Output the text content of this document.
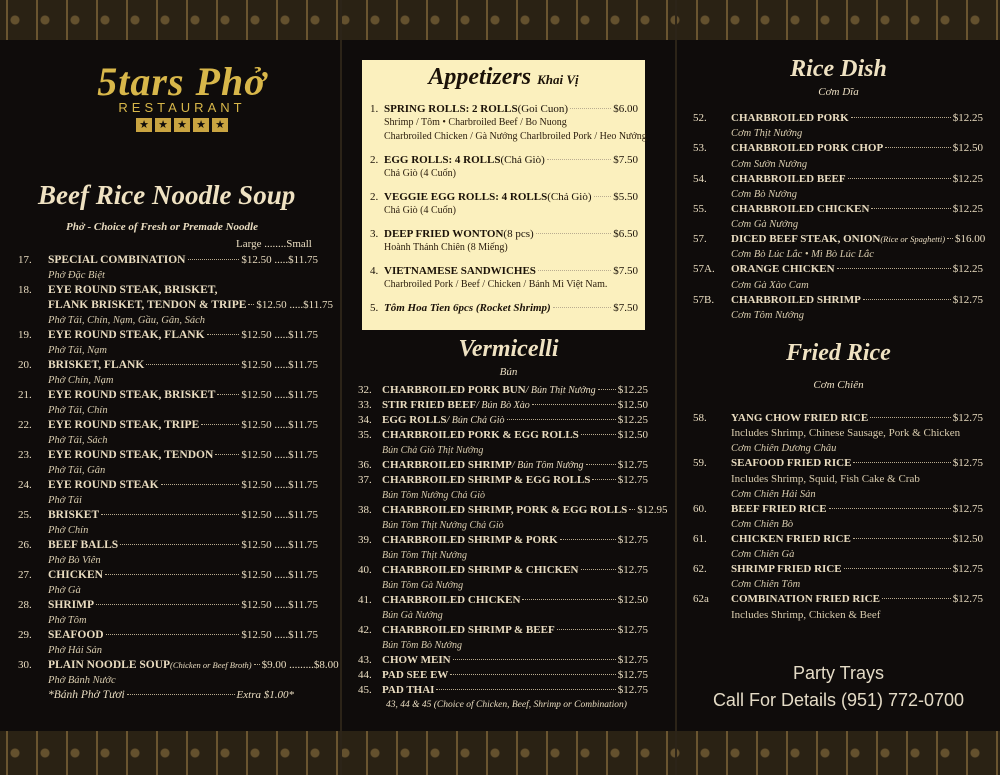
5tars Phở
RESTAURANT
★ ★ ★ ★ ★
Beef Rice Noodle Soup
Phở - Choice of Fresh or Premade Noodle
Large ........Small
17.	SPECIAL COMBINATION	$12.50 .....$11.75
Phở Đặc Biệt
18.	EYE ROUND STEAK, BRISKET,
FLANK BRISKET, TENDON & TRIPE $12.50 .....$11.75
Phở Tái, Chín, Nạm, Gầu, Gân, Sách
19.	EYE ROUND STEAK, FLANK	$12.50 .....$11.75
Phở Tái, Nạm
20.	BRISKET, FLANK	$12.50 .....$11.75
Phở Chín, Nạm
21.	EYE ROUND STEAK, BRISKET $12.50 .....$11.75
Phở Tái, Chín
22.	EYE ROUND STEAK, TRIPE	$12.50 .....$11.75
Phở Tái, Sách
23.	EYE ROUND STEAK, TENDON	$12.50 .....$11.75
Phở Tái, Gân
24.	EYE ROUND STEAK	$12.50 .....$11.75
Phở Tái
25.	BRISKET	$12.50 .....$11.75
Phở Chín
26.	BEEF BALLS	$12.50 .....$11.75
Phở Bò Viên
27.	CHICKEN	$12.50 .....$11.75
Phở Gà
28.	SHRIMP	$12.50 .....$11.75
Phở Tôm
29.	SEAFOOD	$12.50 .....$11.75
Phở Hải Sản
30.	PLAIN NOODLE SOUP (Chicken or Beef Broth) $9.00 .........$8.00
Phở Bánh Nước
*Bánh Phở Tươi	Extra $1.00*
Vermicelli
Bún
32. CHARBROILED PORK BUN / Bún Thịt Nướng $12.25
33. STIR FRIED BEEF / Bún Bò Xào	$12.50
34. EGG ROLLS / Bún Chả Giò	$12.25
35. CHARBROILED PORK & EGG ROLLS	$12.50
Bún Chả Giò Thịt Nướng
36. CHARBROILED SHRIMP / Bún Tôm Nướng	$12.75
37. CHARBROILED SHRIMP & EGG ROLLS $12.75
Bún Tôm Nướng Chả Giò
38. CHARBROILED SHRIMP, PORK & EGG ROLLS $12.95
Bún Tôm Thịt Nướng Chả Giò
39. CHARBROILED SHRIMP & PORK	$12.75
Bún Tôm Thịt Nướng
40. CHARBROILED SHRIMP & CHICKEN	$12.75
Bún Tôm Gà Nướng
41. CHARBROILED CHICKEN	$12.50
Bún Gà Nướng
42. CHARBROILED SHRIMP & BEEF	$12.75
Bún Tôm Bò Nướng
43. CHOW MEIN	$12.75
44. PAD SEE EW	$12.75
45. PAD THAI	$12.75
43, 44 & 45 (Choice of Chicken, Beef, Shrimp or Combination)
Appetizers Khai Vị
1. SPRING ROLLS: 2 ROLLS (Goi Cuon)	$6.00
Shrimp / Tôm • Charbroiled Beef / Bo Nuong
Charbroiled Chicken / Gà Nướng Charlbroiled Pork / Heo Nướng
2. EGG ROLLS: 4 ROLLS (Chả Giò)	$7.50
Chả Giò (4 Cuốn)
2. VEGGIE EGG ROLLS: 4 ROLLS (Chả Giò) $5.50
Chả Giò (4 Cuốn)
3. DEEP FRIED WONTON (8 pcs)	$6.50
Hoành Thánh Chiên (8 Miếng)
4. VIETNAMESE SANDWICHES	$7.50
Charbroiled Pork / Beef / Chicken / Bánh Mì Việt Nam.
5. Tôm Hoa Tien 6pcs (Rocket Shrimp)	$7.50
Rice Dish
Cơm Dĩa
52.	CHARBROILED PORK	$12.25
Cơm Thịt Nướng
53.	CHARBROILED PORK CHOP	$12.50
Cơm Sườn Nướng
54.	CHARBROILED BEEF	$12.25
Cơm Bò Nướng
55.	CHARBROILED CHICKEN	$12.25
Cơm Gà Nướng
57.	DICED BEEF STEAK, ONION (Rice or Spaghetti) $16.00
Cơm Bò Lúc Lắc • Mì Bò Lúc Lắc
57A.	ORANGE CHICKEN	$12.25
Cơm Gà Xào Cam
57B.	CHARBROILED SHRIMP	$12.75
Cơm Tôm Nướng
Fried Rice
Cơm Chiên
58.	YANG CHOW FRIED RICE	$12.75
Includes Shrimp, Chinese Sausage, Pork & Chicken
Cơm Chiên Dương Châu
59.	SEAFOOD FRIED RICE	$12.75
Includes Shrimp, Squid, Fish Cake & Crab
Cơm Chiên Hải Sản
60.	BEEF FRIED RICE	$12.75
Cơm Chiên Bò
61.	CHICKEN FRIED RICE	$12.50
Cơm Chiên Gà
62.	SHRIMP FRIED RICE	$12.75
Cơm Chiên Tôm
62a	COMBINATION FRIED RICE	$12.75
Includes Shrimp, Chicken & Beef
Party Trays
Call For Details (951) 772-0700
